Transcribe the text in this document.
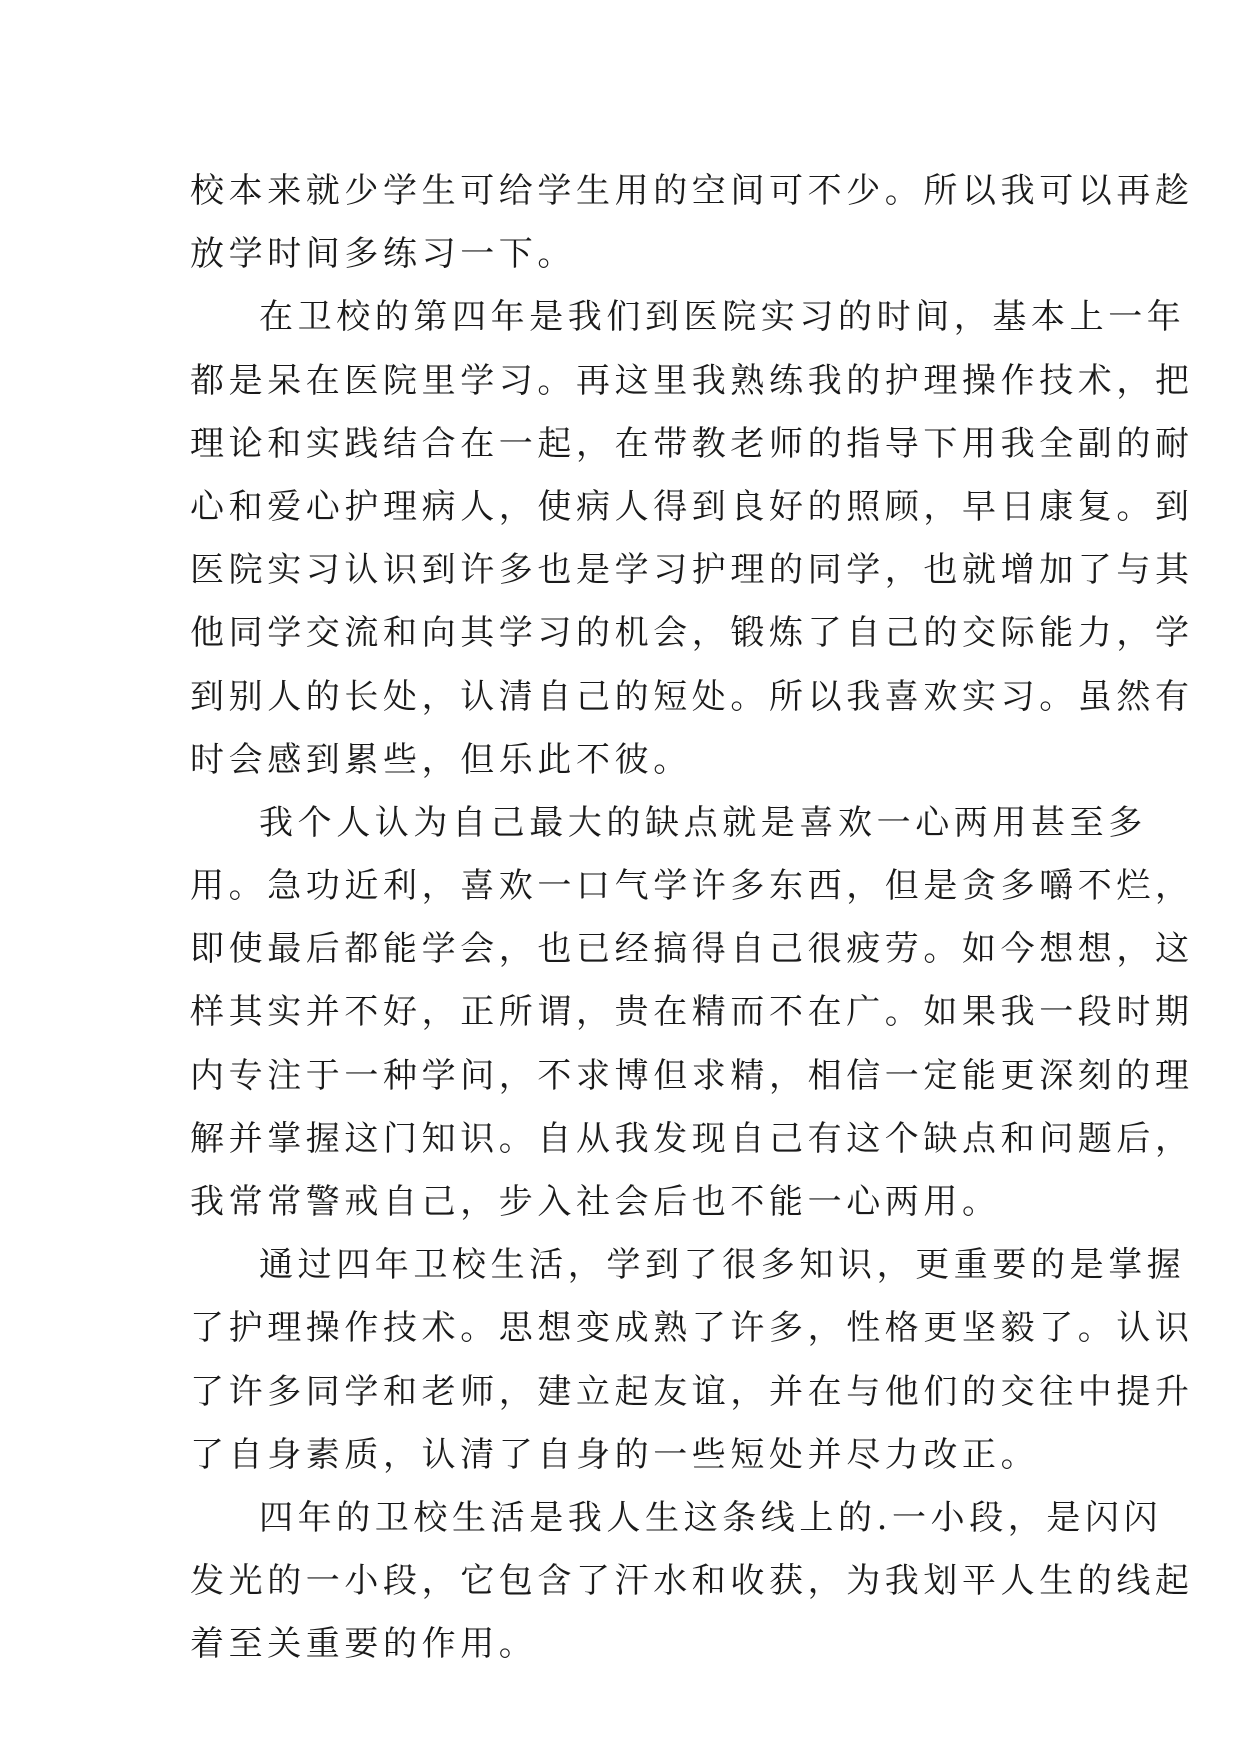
校本来就少学生可给学生用的空间可不少。所以我可以再趁
放学时间多练习一下。
在卫校的第四年是我们到医院实习的时间，基本上一年
都是呆在医院里学习。再这里我熟练我的护理操作技术，把
理论和实践结合在一起，在带教老师的指导下用我全副的耐
心和爱心护理病人，使病人得到良好的照顾，早日康复。到
医院实习认识到许多也是学习护理的同学，也就增加了与其
他同学交流和向其学习的机会，锻炼了自己的交际能力，学
到别人的长处，认清自己的短处。所以我喜欢实习。虽然有
时会感到累些，但乐此不彼。
我个人认为自己最大的缺点就是喜欢一心两用甚至多
用。急功近利，喜欢一口气学许多东西，但是贪多嚼不烂，
即使最后都能学会，也已经搞得自己很疲劳。如今想想，这
样其实并不好，正所谓，贵在精而不在广。如果我一段时期
内专注于一种学问，不求博但求精，相信一定能更深刻的理
解并掌握这门知识。自从我发现自己有这个缺点和问题后，
我常常警戒自己，步入社会后也不能一心两用。
通过四年卫校生活，学到了很多知识，更重要的是掌握
了护理操作技术。思想变成熟了许多，性格更坚毅了。认识
了许多同学和老师，建立起友谊，并在与他们的交往中提升
了自身素质，认清了自身的一些短处并尽力改正。
四年的卫校生活是我人生这条线上的.一小段，是闪闪
发光的一小段，它包含了汗水和收获，为我划平人生的线起
着至关重要的作用。
